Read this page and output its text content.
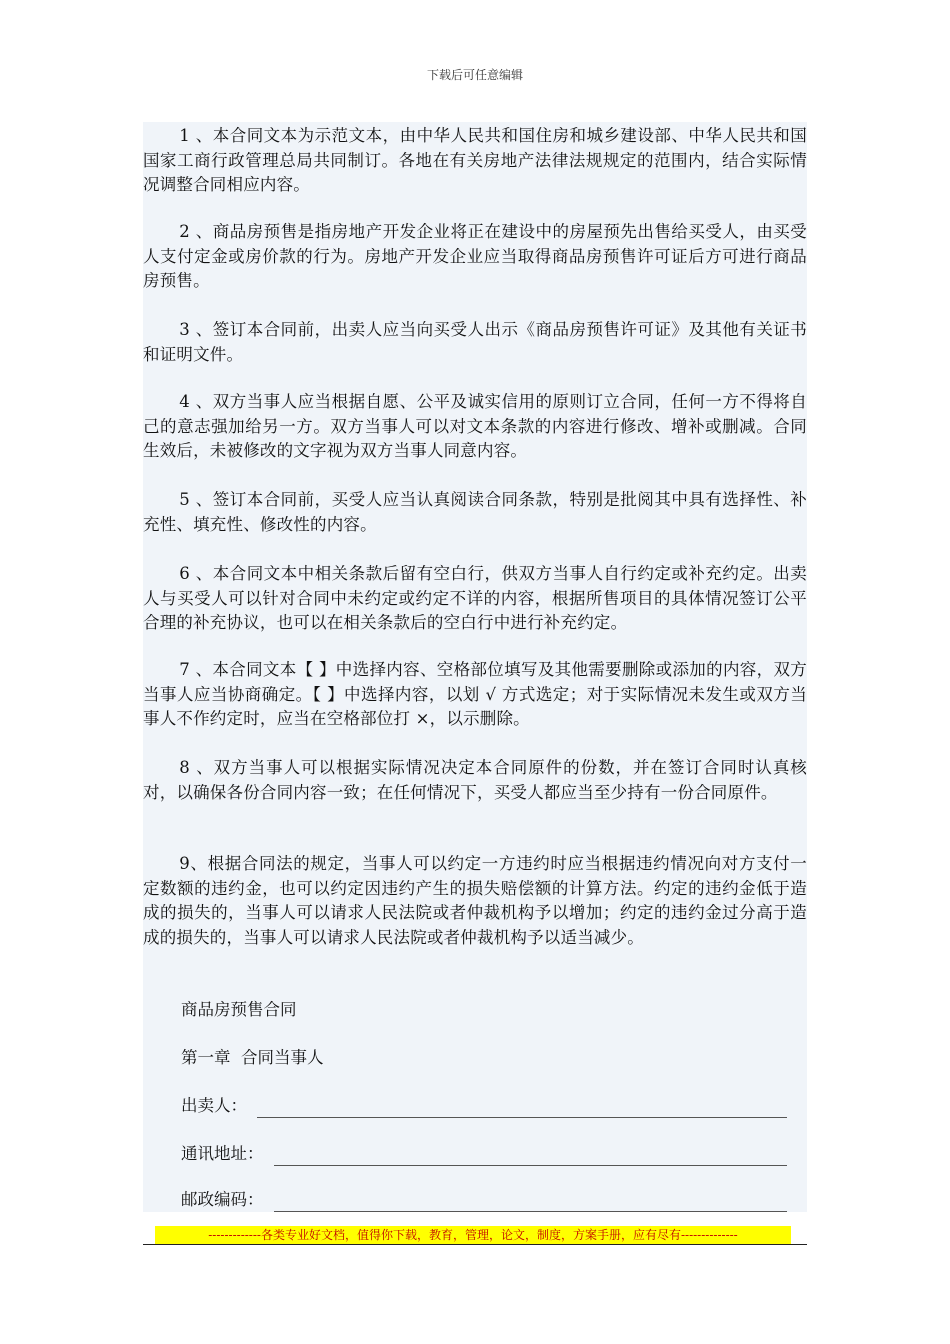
下载后可任意编辑

1 、本合同文本为示范文本，由中华人民共和国住房和城乡建设部、中华人民共和国国家工商行政管理总局共同制订。各地在有关房地产法律法规规定的范围内，结合实际情况调整合同相应内容。

2 、商品房预售是指房地产开发企业将正在建设中的房屋预先出售给买受人，由买受人支付定金或房价款的行为。房地产开发企业应当取得商品房预售许可证后方可进行商品房预售。

3 、签订本合同前，出卖人应当向买受人出示《商品房预售许可证》及其他有关证书和证明文件。

4 、双方当事人应当根据自愿、公平及诚实信用的原则订立合同，任何一方不得将自己的意志强加给另一方。双方当事人可以对文本条款的内容进行修改、增补或删减。合同生效后，未被修改的文字视为双方当事人同意内容。

5 、签订本合同前，买受人应当认真阅读合同条款，特别是批阅其中具有选择性、补充性、填充性、修改性的内容。

6 、本合同文本中相关条款后留有空白行，供双方当事人自行约定或补充约定。出卖人与买受人可以针对合同中未约定或约定不详的内容，根据所售项目的具体情况签订公平合理的补充协议，也可以在相关条款后的空白行中进行补充约定。

7 、本合同文本【 】中选择内容、空格部位填写及其他需要删除或添加的内容，双方当事人应当协商确定。【 】中选择内容，以划 √ 方式选定；对于实际情况未发生或双方当事人不作约定时，应当在空格部位打 ×，以示删除。

8 、双方当事人可以根据实际情况决定本合同原件的份数，并在签订合同时认真核对，以确保各份合同内容一致；在任何情况下，买受人都应当至少持有一份合同原件。

9、根据合同法的规定，当事人可以约定一方违约时应当根据违约情况向对方支付一定数额的违约金，也可以约定因违约产生的损失赔偿额的计算方法。约定的违约金低于造成的损失的，当事人可以请求人民法院或者仲裁机构予以增加；约定的违约金过分高于造成的损失的，当事人可以请求人民法院或者仲裁机构予以适当减少。

商品房预售合同

第一章  合同当事人

出卖人：
通讯地址：
邮政编码：
-------------各类专业好文档，值得你下载，教育，管理，论文，制度，方案手册，应有尽有--------------
